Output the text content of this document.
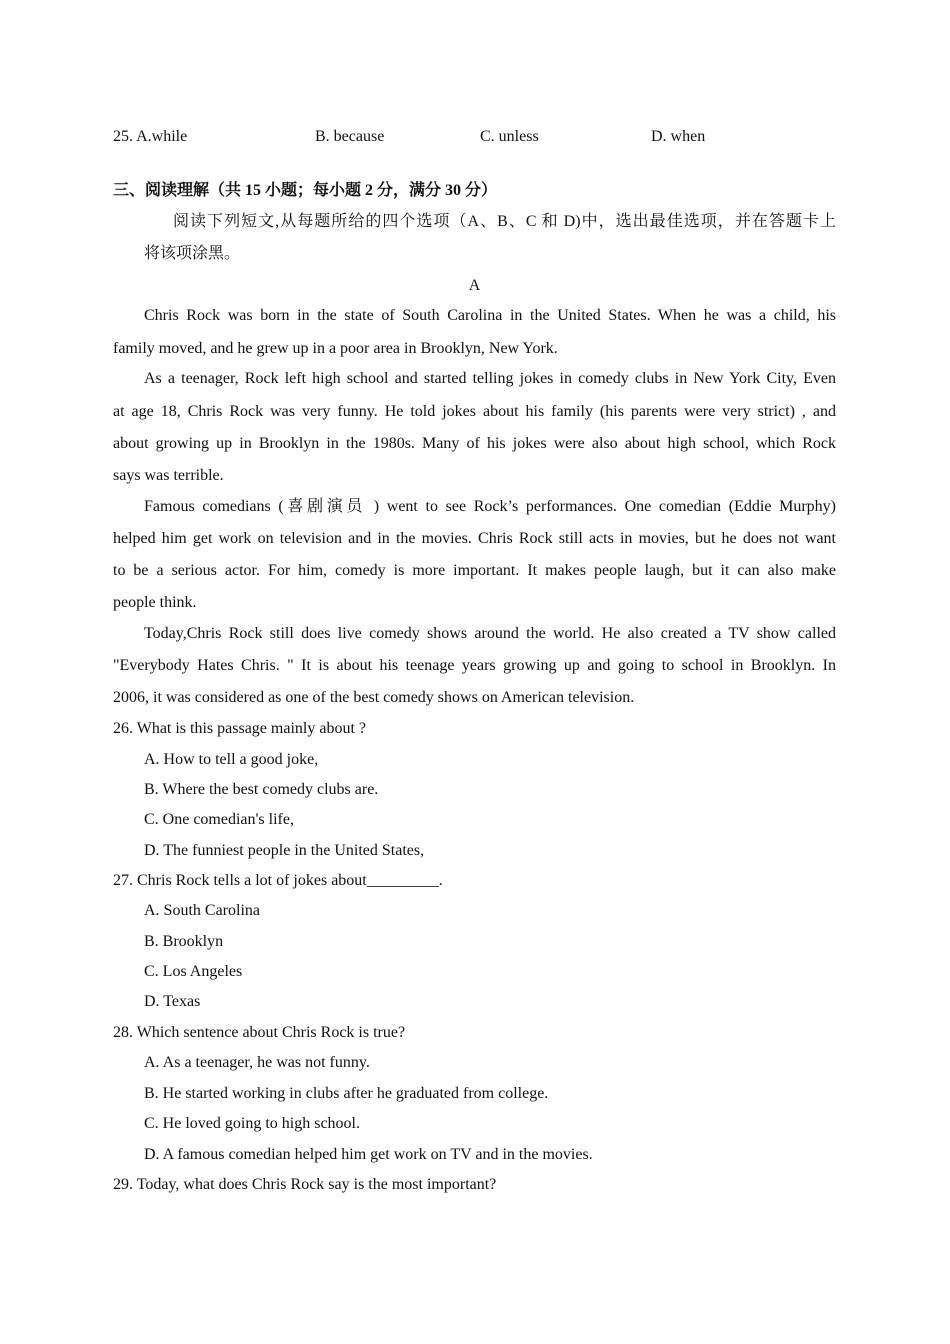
25. A.while	B. because	C. unless	D. when
三、阅读理解（共 15 小题；每小题 2 分，满分 30 分）
阅读下列短文,从每题所给的四个选项（A、B、C 和 D)中，选出最佳选项，并在答题卡上
将该项涂黑。
A
Chris Rock was born in the state of South Carolina in the United States. When he was a child, his
family moved, and he grew up in a poor area in Brooklyn, New York.
As a teenager, Rock left high school and started telling jokes in comedy clubs in New York City, Even
at age 18, Chris Rock was very funny. He told jokes about his family (his parents were very strict) , and
about growing up in Brooklyn in the 1980s. Many of his jokes were also about high school, which Rock
says was terrible.
Famous comedians (喜剧演员 ) went to see Rock’s performances. One comedian (Eddie Murphy)
helped him get work on television and in the movies. Chris Rock still acts in movies, but he does not want
to be a serious actor. For him, comedy is more important. It makes people laugh, but it can also make
people think.
Today,Chris Rock still does live comedy shows around the world. He also created a TV show called
"Everybody Hates Chris. " It is about his teenage years growing up and going to school in Brooklyn. In
2006, it was considered as one of the best comedy shows on American television.
26. What is this passage mainly about ?
A. How to tell a good joke,
B. Where the best comedy clubs are.
C. One comedian's life,
D. The funniest people in the United States,
27. Chris Rock tells a lot of jokes about_________.
A. South Carolina
B. Brooklyn
C. Los Angeles
D. Texas
28. Which sentence about Chris Rock is true?
A. As a teenager, he was not funny.
B. He started working in clubs after he graduated from college.
C. He loved going to high school.
D. A famous comedian helped him get work on TV and in the movies.
29. Today, what does Chris Rock say is the most important?
